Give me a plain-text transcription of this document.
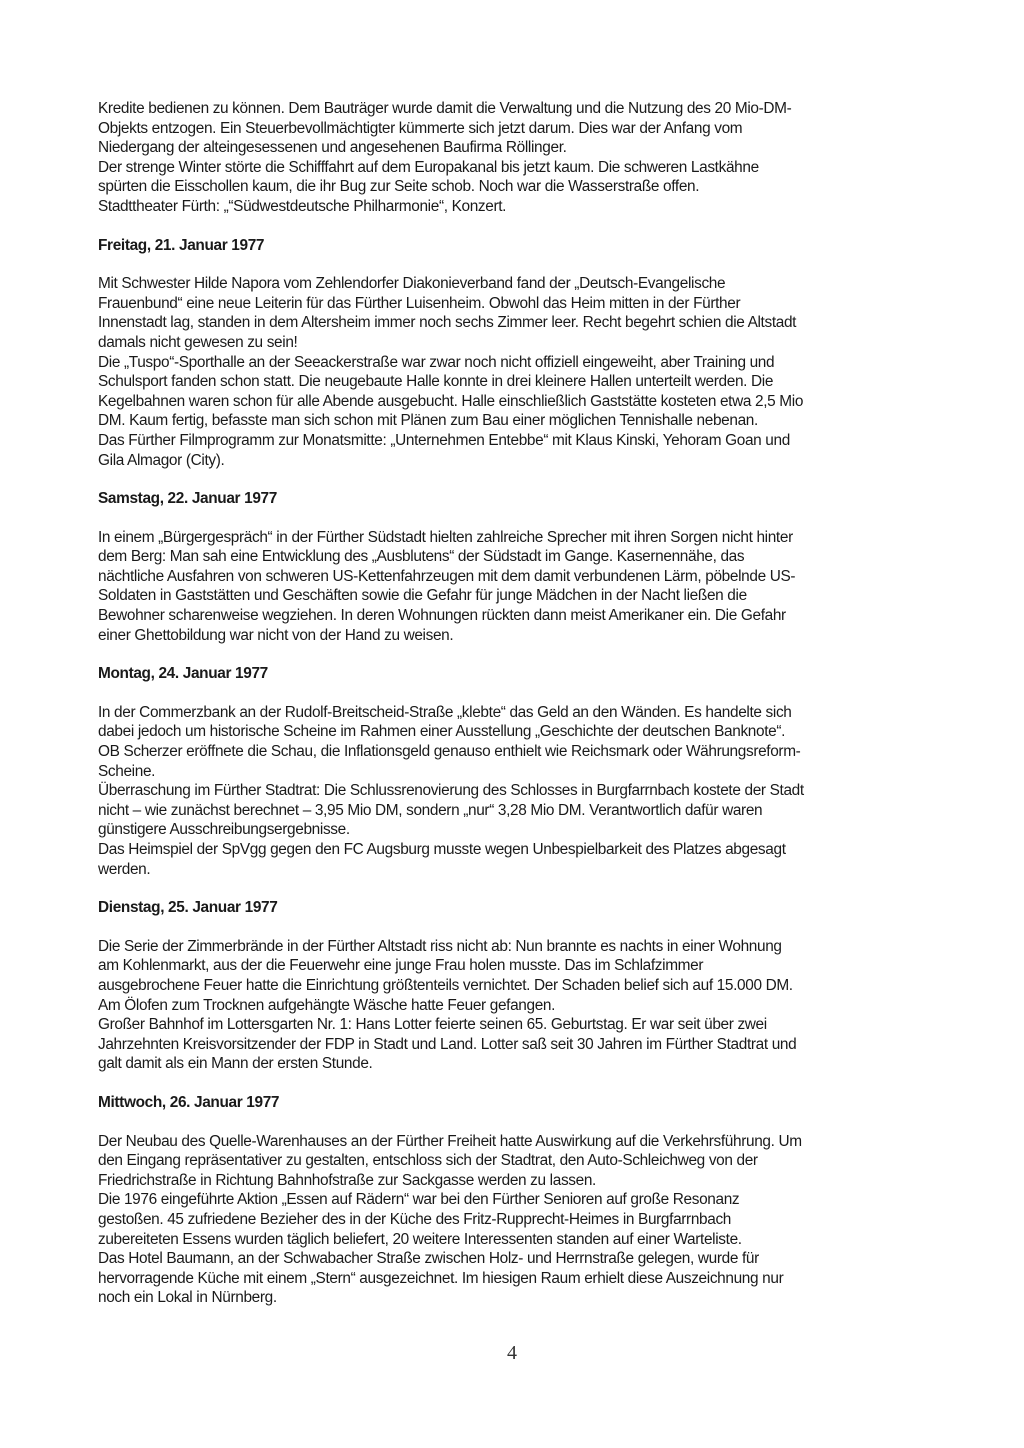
Kredite bedienen zu können. Dem Bauträger wurde damit die Verwaltung und die Nutzung des 20 Mio-DM-
Objekts entzogen. Ein Steuerbevollmächtigter kümmerte sich jetzt darum. Dies war der Anfang vom
Niedergang der alteingesessenen und angesehenen Baufirma Röllinger.
Der strenge Winter störte die Schifffahrt auf dem Europakanal bis jetzt kaum. Die schweren Lastkähne
spürten die Eisschollen kaum, die ihr Bug zur Seite schob. Noch war die Wasserstraße offen.
Stadttheater Fürth: „“Südwestdeutsche Philharmonie“, Konzert.
Freitag, 21. Januar 1977
Mit Schwester Hilde Napora vom Zehlendorfer Diakonieverband fand der „Deutsch-Evangelische
Frauenbund“ eine neue Leiterin für das Fürther Luisenheim. Obwohl das Heim mitten in der Fürther
Innenstadt lag, standen in dem Altersheim immer noch sechs Zimmer leer. Recht begehrt schien die Altstadt
damals nicht gewesen zu sein!
Die „Tuspo“-Sporthalle an der Seeackerstraße war zwar noch nicht offiziell eingeweiht, aber Training und
Schulsport fanden schon statt. Die neugebaute Halle konnte in drei kleinere Hallen unterteilt werden. Die
Kegelbahnen waren schon für alle Abende ausgebucht. Halle einschließlich Gaststätte kosteten etwa 2,5 Mio
DM. Kaum fertig, befasste man sich schon mit Plänen zum Bau einer möglichen Tennishalle nebenan.
Das Fürther Filmprogramm zur Monatsmitte: „Unternehmen Entebbe“ mit Klaus Kinski, Yehoram Goan und
Gila Almagor (City).
Samstag, 22. Januar 1977
In einem „Bürgergespräch“ in der Fürther Südstadt hielten zahlreiche Sprecher mit ihren Sorgen nicht hinter
dem Berg: Man sah eine Entwicklung des „Ausblutens“ der Südstadt im Gange. Kasernennähe, das
nächtliche Ausfahren von schweren US-Kettenfahrzeugen mit dem damit verbundenen Lärm, pöbelnde US-
Soldaten in Gaststätten und Geschäften sowie die Gefahr für junge Mädchen in der Nacht ließen die
Bewohner scharenweise wegziehen. In deren Wohnungen rückten dann meist Amerikaner ein. Die Gefahr
einer Ghettobildung war nicht von der Hand zu weisen.
Montag, 24. Januar 1977
In der Commerzbank an der Rudolf-Breitscheid-Straße „klebte“ das Geld an den Wänden. Es handelte sich
dabei jedoch um historische Scheine im Rahmen einer Ausstellung „Geschichte der deutschen Banknote“.
OB Scherzer eröffnete die Schau, die Inflationsgeld genauso enthielt wie Reichsmark oder Währungsreform-
Scheine.
Überraschung im Fürther Stadtrat: Die Schlussrenovierung des Schlosses in Burgfarrnbach kostete der Stadt
nicht – wie zunächst berechnet – 3,95 Mio DM, sondern „nur“ 3,28 Mio DM. Verantwortlich dafür waren
günstigere Ausschreibungsergebnisse.
Das Heimspiel der SpVgg gegen den FC Augsburg musste wegen Unbespielbarkeit des Platzes abgesagt
werden.
Dienstag, 25. Januar 1977
Die Serie der Zimmerbrände in der Fürther Altstadt riss nicht ab: Nun brannte es nachts in einer Wohnung
am Kohlenmarkt, aus der die Feuerwehr eine junge Frau holen musste. Das im Schlafzimmer
ausgebrochene Feuer hatte die Einrichtung größtenteils vernichtet. Der Schaden belief sich auf 15.000 DM.
Am Ölofen zum Trocknen aufgehängte Wäsche hatte Feuer gefangen.
Großer Bahnhof im Lottersgarten Nr. 1: Hans Lotter feierte seinen 65. Geburtstag. Er war seit über zwei
Jahrzehnten Kreisvorsitzender der FDP in Stadt und Land. Lotter saß seit 30 Jahren im Fürther Stadtrat und
galt damit als ein Mann der ersten Stunde.
Mittwoch, 26. Januar 1977
Der Neubau des Quelle-Warenhauses an der Fürther Freiheit hatte Auswirkung auf die Verkehrsführung. Um
den Eingang repräsentativer zu gestalten, entschloss sich der Stadtrat, den Auto-Schleichweg von der
Friedrichstraße in Richtung Bahnhofstraße zur Sackgasse werden zu lassen.
Die 1976 eingeführte Aktion „Essen auf Rädern“ war bei den Fürther Senioren auf große Resonanz
gestoßen. 45 zufriedene Bezieher des in der Küche des Fritz-Rupprecht-Heimes in Burgfarrnbach
zubereiteten Essens wurden täglich beliefert, 20 weitere Interessenten standen auf einer Warteliste.
Das Hotel Baumann, an der Schwabacher Straße zwischen Holz- und Herrnstraße gelegen, wurde für
hervorragende Küche mit einem „Stern“ ausgezeichnet. Im hiesigen Raum erhielt diese Auszeichnung nur
noch ein Lokal in Nürnberg.
4
